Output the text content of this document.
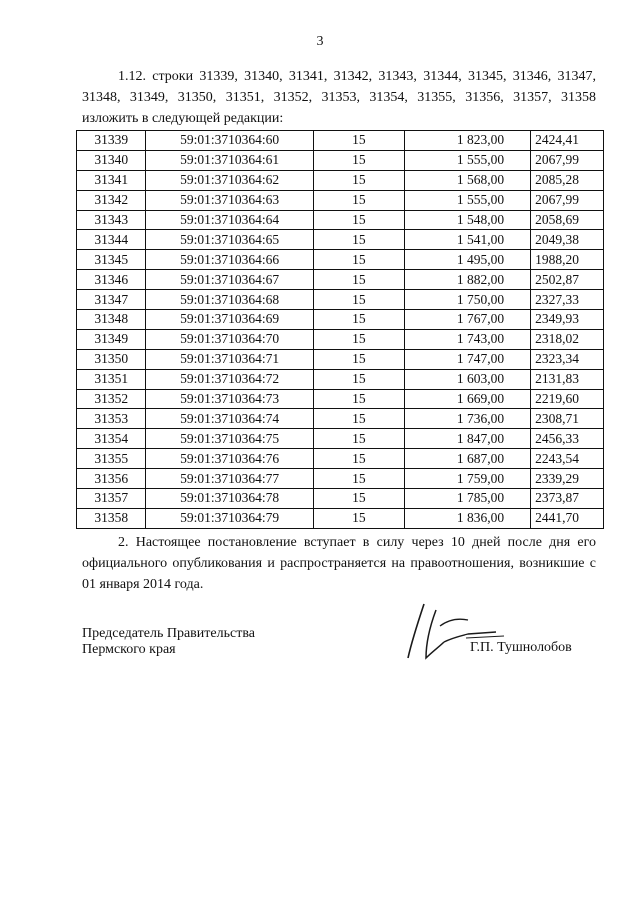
3
1.12. строки 31339, 31340, 31341, 31342, 31343, 31344, 31345, 31346, 31347, 31348, 31349, 31350, 31351, 31352, 31353, 31354, 31355, 31356, 31357, 31358 изложить в следующей редакции:
31339	59:01:3710364:60	15	1 823,00	2424,41
31340	59:01:3710364:61	15	1 555,00	2067,99
31341	59:01:3710364:62	15	1 568,00	2085,28
31342	59:01:3710364:63	15	1 555,00	2067,99
31343	59:01:3710364:64	15	1 548,00	2058,69
31344	59:01:3710364:65	15	1 541,00	2049,38
31345	59:01:3710364:66	15	1 495,00	1988,20
31346	59:01:3710364:67	15	1 882,00	2502,87
31347	59:01:3710364:68	15	1 750,00	2327,33
31348	59:01:3710364:69	15	1 767,00	2349,93
31349	59:01:3710364:70	15	1 743,00	2318,02
31350	59:01:3710364:71	15	1 747,00	2323,34
31351	59:01:3710364:72	15	1 603,00	2131,83
31352	59:01:3710364:73	15	1 669,00	2219,60
31353	59:01:3710364:74	15	1 736,00	2308,71
31354	59:01:3710364:75	15	1 847,00	2456,33
31355	59:01:3710364:76	15	1 687,00	2243,54
31356	59:01:3710364:77	15	1 759,00	2339,29
31357	59:01:3710364:78	15	1 785,00	2373,87
31358	59:01:3710364:79	15	1 836,00	2441,70
2. Настоящее постановление вступает в силу через 10 дней после дня его официального опубликования и распространяется на правоотношения, возникшие с 01 января 2014 года.
Председатель Правительства
Пермского края	Г.П. Тушнолобов
